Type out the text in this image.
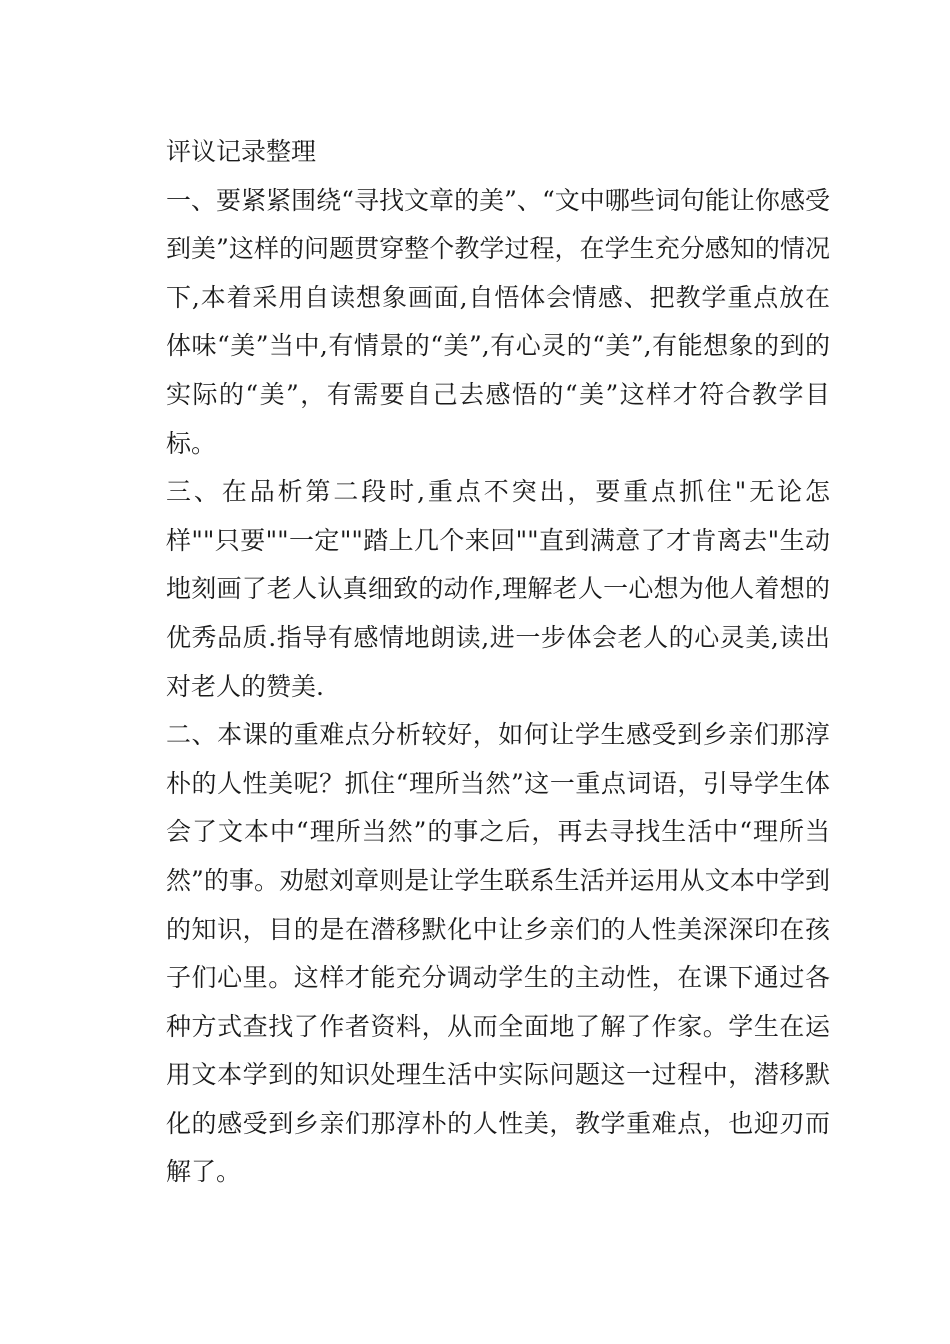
评议记录整理

一、要紧紧围绕“寻找文章的美”、“文中哪些词句能让你感受到美”这样的问题贯穿整个教学过程，在学生充分感知的情况下,本着采用自读想象画面,自悟体会情感、把教学重点放在体味“美”当中,有情景的“美”,有心灵的“美”,有能想象的到的实际的“美”，有需要自己去感悟的“美”这样才符合教学目标。

三、在品析第二段时,重点不突出，要重点抓住"无论怎样""只要""一定""踏上几个来回""直到满意了才肯离去"生动地刻画了老人认真细致的动作,理解老人一心想为他人着想的优秀品质.指导有感情地朗读,进一步体会老人的心灵美,读出对老人的赞美.

二、本课的重难点分析较好，如何让学生感受到乡亲们那淳朴的人性美呢？抓住“理所当然”这一重点词语，引导学生体会了文本中“理所当然”的事之后，再去寻找生活中“理所当然”的事。劝慰刘章则是让学生联系生活并运用从文本中学到的知识，目的是在潜移默化中让乡亲们的人性美深深印在孩子们心里。这样才能充分调动学生的主动性，在课下通过各种方式查找了作者资料，从而全面地了解了作家。学生在运用文本学到的知识处理生活中实际问题这一过程中，潜移默化的感受到乡亲们那淳朴的人性美，教学重难点，也迎刃而解了。
